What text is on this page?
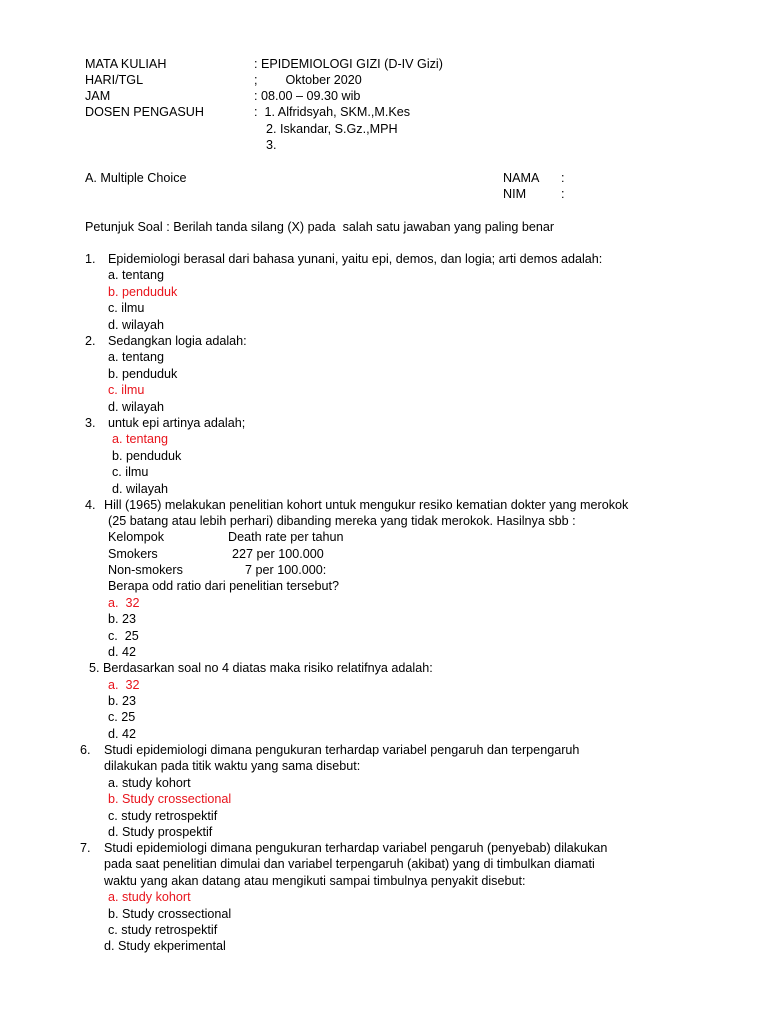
MATA KULIAH	: EPIDEMIOLOGI GIZI (D-IV Gizi)
HARI/TGL	;        Oktober 2020
JAM	: 08.00 – 09.30 wib
DOSEN PENGASUH	:  1. Alfridsyah, SKM.,M.Kes
2. Iskandar, S.Gz.,MPH
3.
A. Multiple Choice	NAMA :
NIM	:
Petunjuk Soal : Berilah tanda silang (X) pada  salah satu jawaban yang paling benar
1. Epidemiologi berasal dari bahasa yunani, yaitu epi, demos, dan logia; arti demos adalah:
a. tentang
b. penduduk
c. ilmu
d. wilayah
2. Sedangkan logia adalah:
a. tentang
b. penduduk
c. ilmu
d. wilayah
3. untuk epi artinya adalah;
a. tentang
b. penduduk
c. ilmu
d. wilayah
4. Hill (1965) melakukan penelitian kohort untuk mengukur resiko kematian dokter yang merokok
(25 batang atau lebih perhari) dibanding mereka yang tidak merokok. Hasilnya sbb :
Kelompok	Death rate per tahun
Smokers	227 per 100.000
Non-smokers	7 per 100.000:
Berapa odd ratio dari penelitian tersebut?
a.  32
b. 23
c.  25
d. 42
5. Berdasarkan soal no 4 diatas maka risiko relatifnya adalah:
a.  32
b. 23
c. 25
d. 42
6. Studi epidemiologi dimana pengukuran terhardap variabel pengaruh dan terpengaruh
dilakukan pada titik waktu yang sama disebut:
a. study kohort
b. Study crossectional
c. study retrospektif
d. Study prospektif
7. Studi epidemiologi dimana pengukuran terhardap variabel pengaruh (penyebab) dilakukan
pada saat penelitian dimulai dan variabel terpengaruh (akibat) yang di timbulkan diamati
waktu yang akan datang atau mengikuti sampai timbulnya penyakit disebut:
a. study kohort
b. Study crossectional
c. study retrospektif
d. Study ekperimental
